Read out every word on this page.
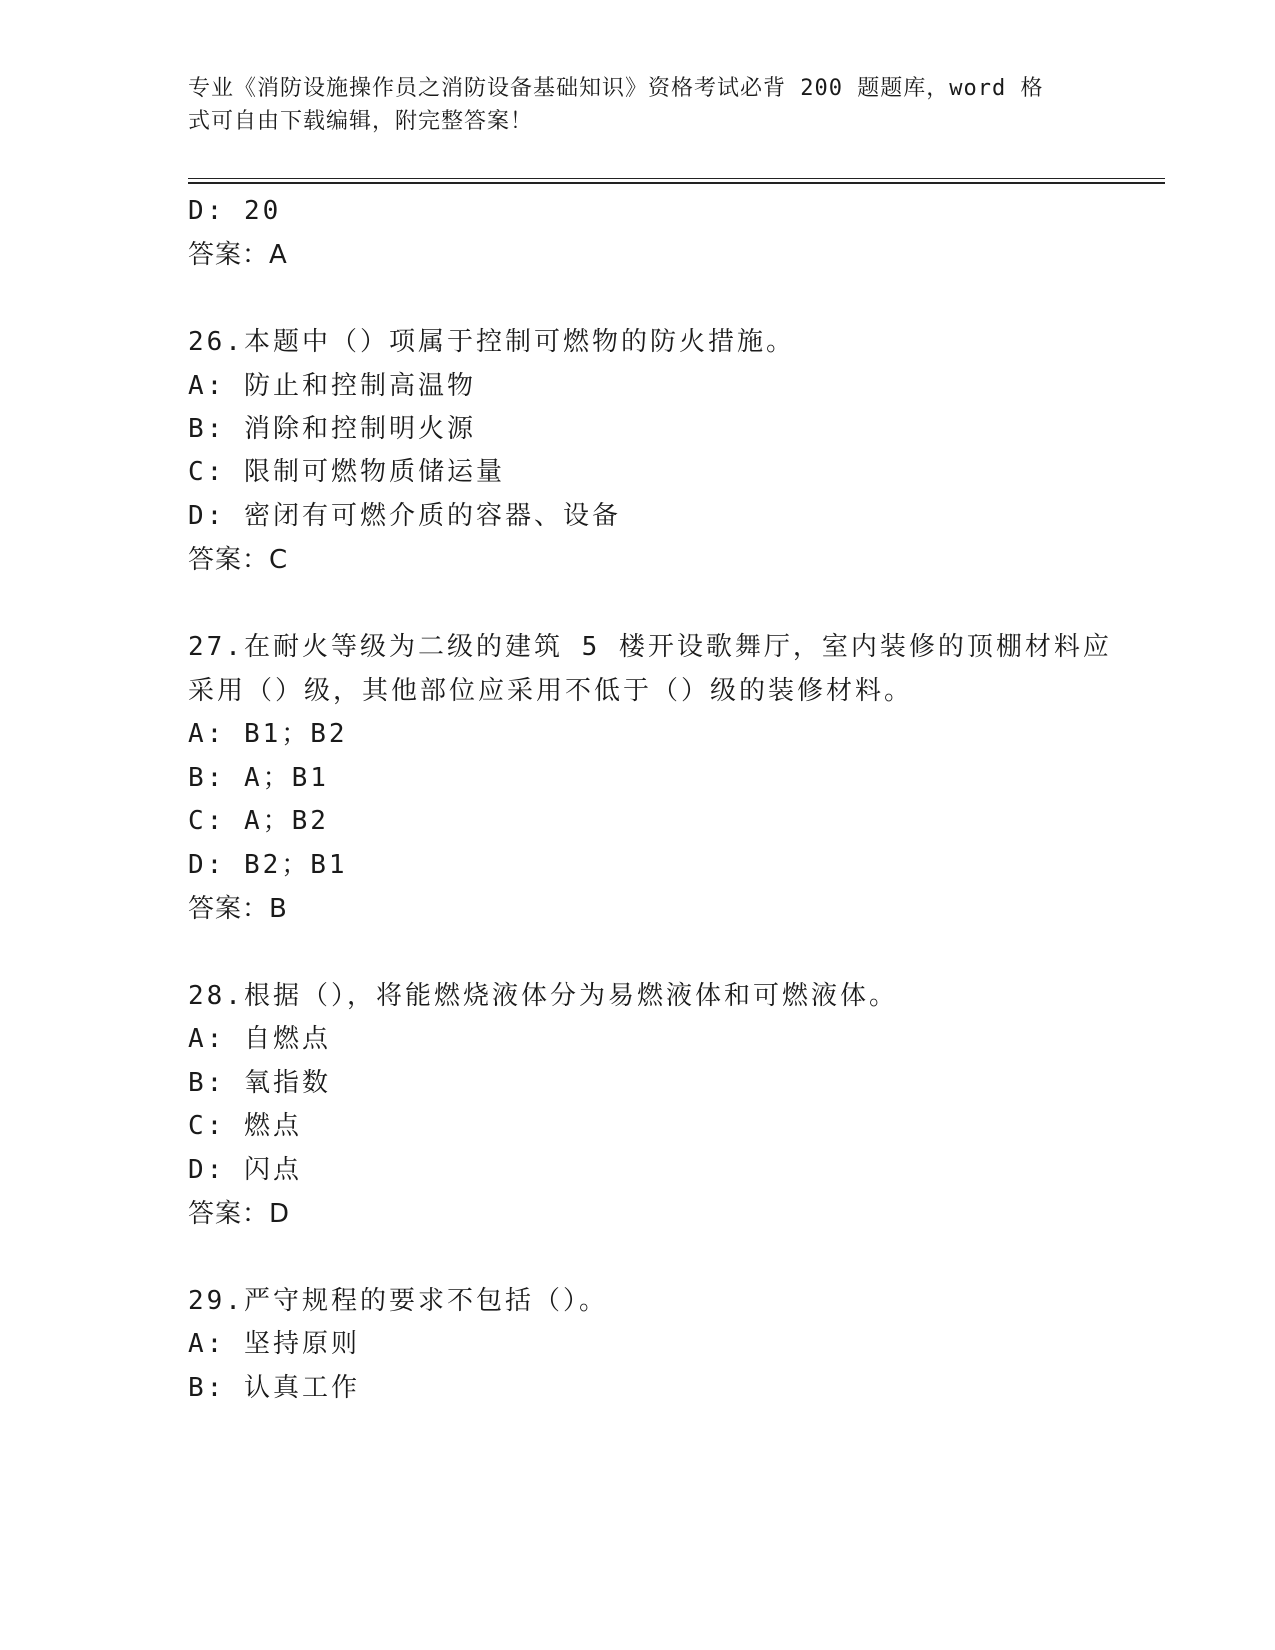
专业《消防设施操作员之消防设备基础知识》资格考试必背 200 题题库，word 格
式可自由下载编辑，附完整答案！
D: 20
答案：A
26.本题中（）项属于控制可燃物的防火措施。
A: 防止和控制高温物
B: 消除和控制明火源
C: 限制可燃物质储运量
D: 密闭有可燃介质的容器、设备
答案：C
27.在耐火等级为二级的建筑 5 楼开设歌舞厅，室内装修的顶棚材料应
采用（）级，其他部位应采用不低于（）级的装修材料。
A: B1；B2
B: A；B1
C: A；B2
D: B2；B1
答案：B
28.根据（），将能燃烧液体分为易燃液体和可燃液体。
A: 自燃点
B: 氧指数
C: 燃点
D: 闪点
答案：D
29.严守规程的要求不包括（）。
A: 坚持原则
B: 认真工作
